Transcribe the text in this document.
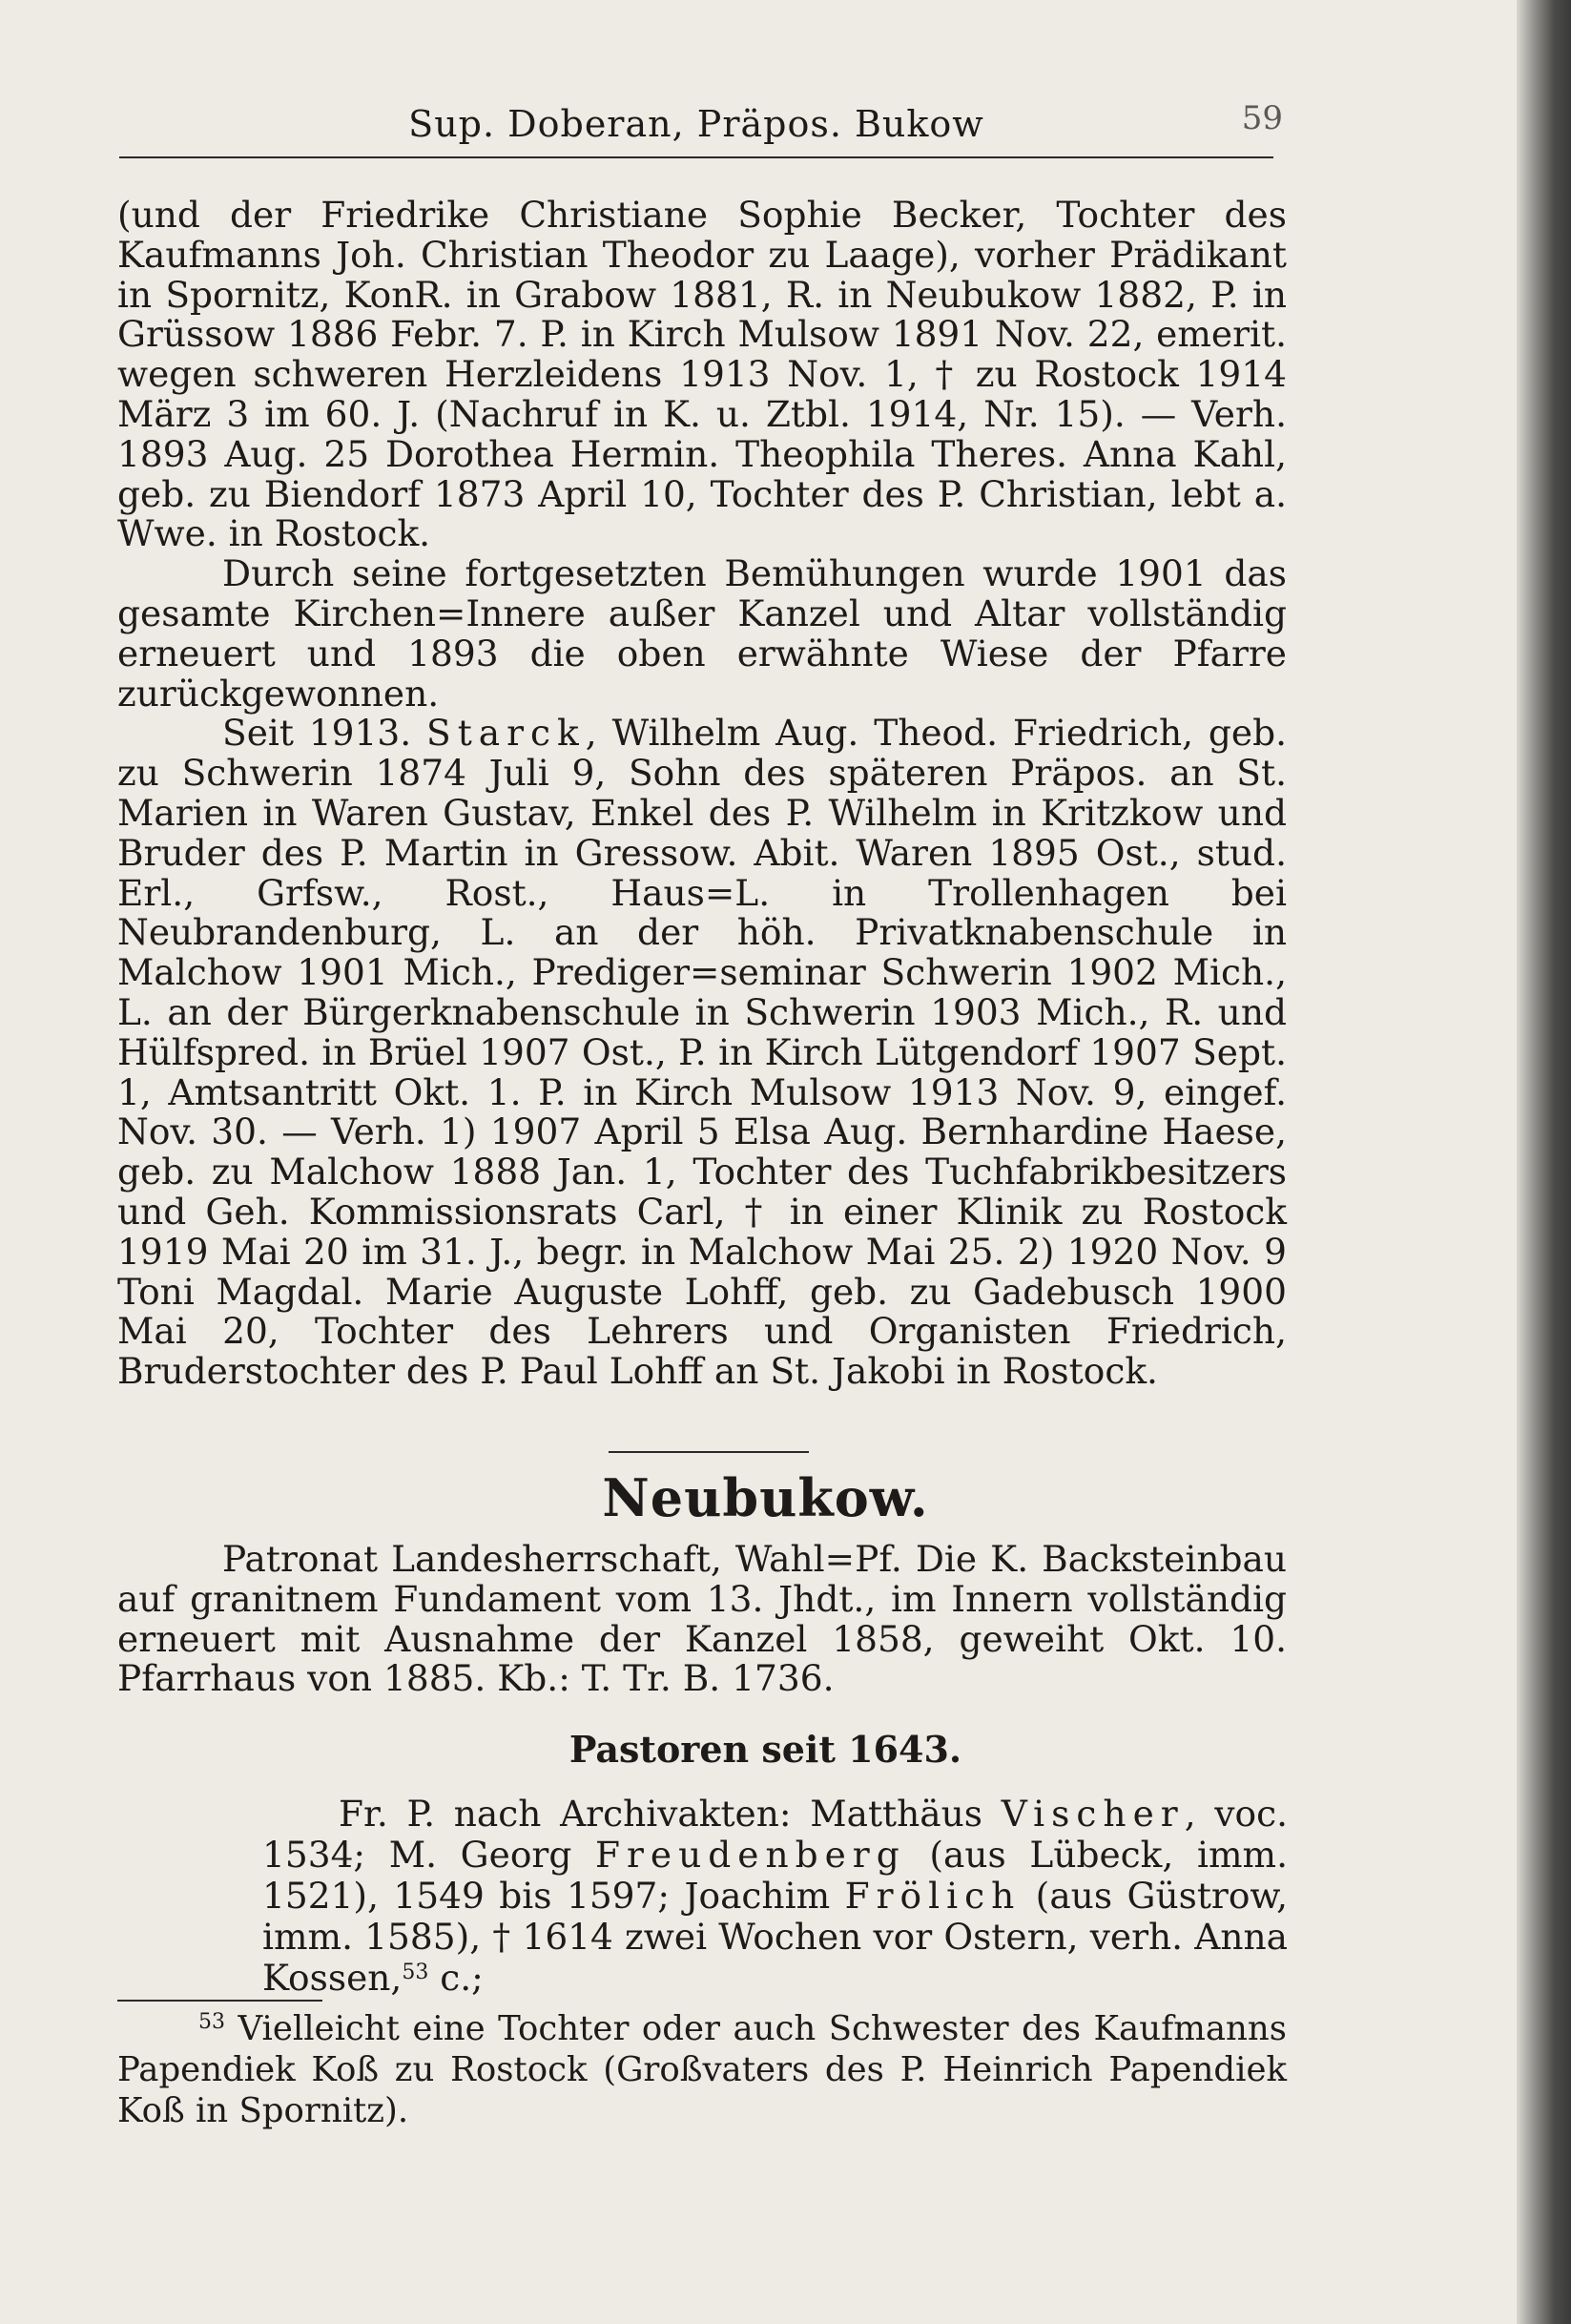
Sup. Doberan, Präpos. Bukow	59

(und der Friedrike Christiane Sophie Becker, Tochter des Kaufmanns Joh. Christian Theodor zu Laage), vorher Prädikant in Spornitz, KonR. in Grabow 1881, R. in Neubukow 1882, P. in Grüssow 1886 Febr. 7. P. in Kirch Mulsow 1891 Nov. 22, emerit. wegen schweren Herzleidens 1913 Nov. 1, † zu Rostock 1914 März 3 im 60. J. (Nachruf in K. u. Ztbl. 1914, Nr. 15). — Verh. 1893 Aug. 25 Dorothea Hermin. Theophila Theres. Anna Kahl, geb. zu Biendorf 1873 April 10, Tochter des P. Christian, lebt a. Wwe. in Rostock.

Durch seine fortgesetzten Bemühungen wurde 1901 das gesamte Kirchen=Innere außer Kanzel und Altar vollständig erneuert und 1893 die oben erwähnte Wiese der Pfarre zurückgewonnen.

Seit 1913. Starck, Wilhelm Aug. Theod. Friedrich, geb. zu Schwerin 1874 Juli 9, Sohn des späteren Präpos. an St. Marien in Waren Gustav, Enkel des P. Wilhelm in Kritzkow und Bruder des P. Martin in Gressow. Abit. Waren 1895 Ost., stud. Erl., Grfsw., Rost., Haus=L. in Trollenhagen bei Neubrandenburg, L. an der höh. Privatknabenschule in Malchow 1901 Mich., Prediger=seminar Schwerin 1902 Mich., L. an der Bürgerknabenschule in Schwerin 1903 Mich., R. und Hülfspred. in Brüel 1907 Ost., P. in Kirch Lütgendorf 1907 Sept. 1, Amtsantritt Okt. 1. P. in Kirch Mulsow 1913 Nov. 9, eingef. Nov. 30. — Verh. 1) 1907 April 5 Elsa Aug. Bernhardine Haese, geb. zu Malchow 1888 Jan. 1, Tochter des Tuchfabrikbesitzers und Geh. Kommissionsrats Carl, † in einer Klinik zu Rostock 1919 Mai 20 im 31. J., begr. in Malchow Mai 25. 2) 1920 Nov. 9 Toni Magdal. Marie Auguste Lohff, geb. zu Gadebusch 1900 Mai 20, Tochter des Lehrers und Organisten Friedrich, Bruderstochter des P. Paul Lohff an St. Jakobi in Rostock.

Neubukow.

Patronat Landesherrschaft, Wahl=Pf. Die K. Backsteinbau auf granitnem Fundament vom 13. Jhdt., im Innern vollständig erneuert mit Ausnahme der Kanzel 1858, geweiht Okt. 10. Pfarrhaus von 1885. Kb.: T. Tr. B. 1736.

Pastoren seit 1643.

Fr. P. nach Archivakten: Matthäus Vischer, voc. 1534; M. Georg Freudenberg (aus Lübeck, imm. 1521), 1549 bis 1597; Joachim Frölich (aus Güstrow, imm. 1585), † 1614 zwei Wochen vor Ostern, verh. Anna Kossen,$^{53}$ c.;

$^{53}$ Vielleicht eine Tochter oder auch Schwester des Kaufmanns Papendiek Koß zu Rostock (Großvaters des P. Heinrich Papendiek Koß in Spornitz).
